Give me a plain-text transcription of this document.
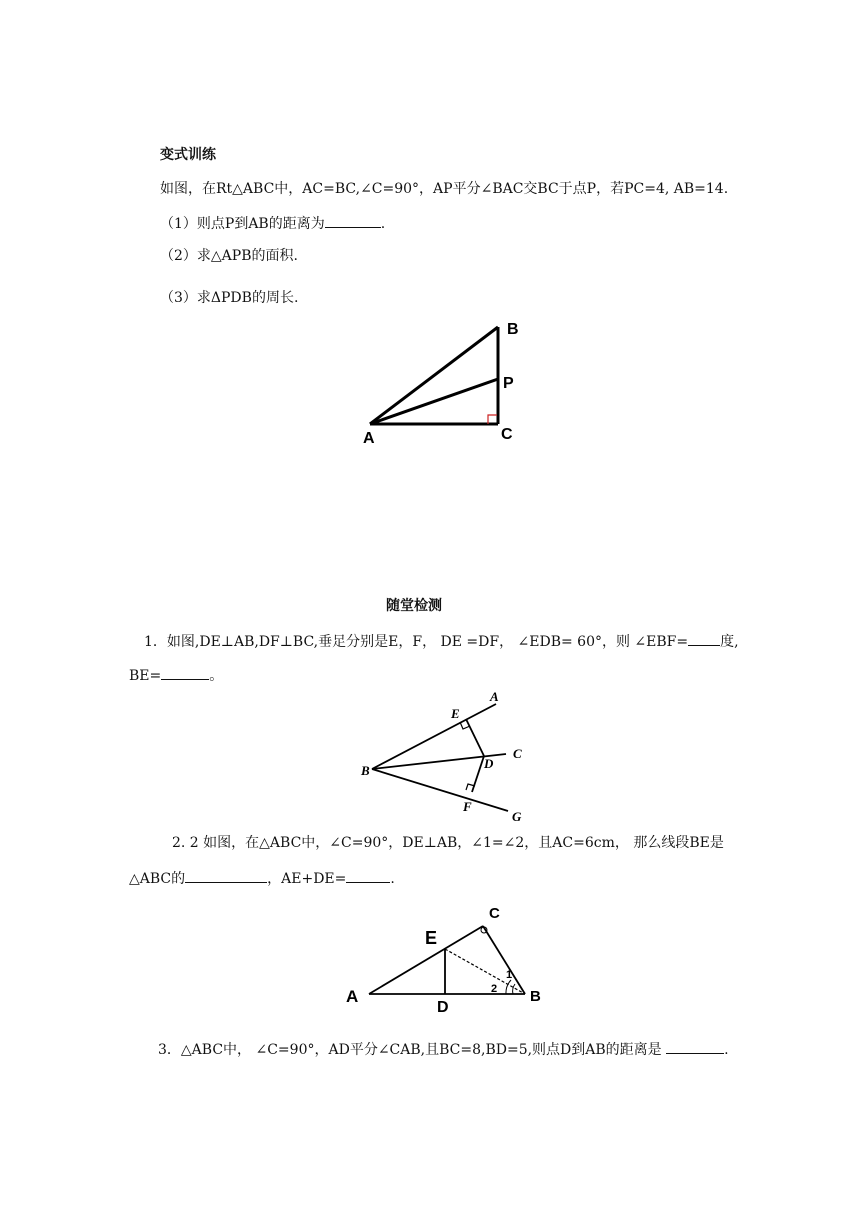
变式训练
如图，在Rt△ABC中，AC=BC,∠C=90°，AP平分∠BAC交BC于点P，若PC=4, AB=14.
（1）则点P到AB的距离为	.
（2）求△APB的面积.
（3）求ΔPDB的周长.
A
B
C
P
随堂检测
1．如图,DE⊥AB,DF⊥BC,垂足分别是E，F， DE =DF， ∠EDB= 60°，则 ∠EBF= 度,
BE=	。
A
B
C
D
E
F
G
2. 2 如图，在△ABC中，∠C=90°，DE⊥AB，∠1=∠2，且AC=6cm， 那么线段BE是
△ABC的	，AE+DE=	.
A	B
C
D
E
1
2
3．△ABC中， ∠C=90°，AD平分∠CAB,且BC=8,BD=5,则点D到AB的距离是	.
